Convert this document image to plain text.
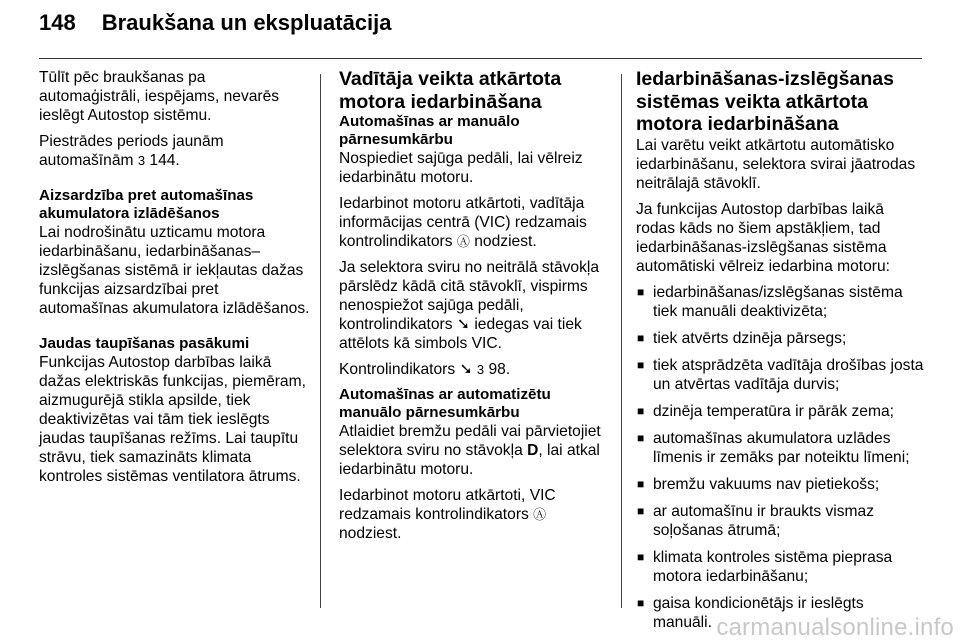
148 Braukšana un ekspluatācija

Tūlīt pēc braukšanas pa automaģistrāli, iespējams, nevarēs ieslēgt Autostop sistēmu.

Piestrādes periods jaunām automašīnām 3 144.

Aizsardzība pret automašīnas akumulatora izlādēšanos

Lai nodrošinātu uzticamu motora iedarbināšanu, iedarbināšanas–izslēgšanas sistēmā ir iekļautas dažas funkcijas aizsardzībai pret automašīnas akumulatora izlādēšanos.

Jaudas taupīšanas pasākumi

Funkcijas Autostop darbības laikā dažas elektriskās funkcijas, piemēram, aizmugurējā stikla apsilde, tiek deaktivizētas vai tām tiek ieslēgts jaudas taupīšanas režīms. Lai taupītu strāvu, tiek samazināts klimata kontroles sistēmas ventilatora ātrums.

Vadītāja veikta atkārtota motora iedarbināšana

Automašīnas ar manuālo pārnesumkārbu

Nospiediet sajūga pedāli, lai vēlreiz iedarbinātu motoru.

Iedarbinot motoru atkārtoti, vadītāja informācijas centrā (VIC) redzamais kontrolindikators Ⓐ nodziest.

Ja selektora sviru no neitrālā stāvokļa pārslēdz kādā citā stāvoklī, vispirms nenospiežot sajūga pedāli, kontrolindikators ➘ iedegas vai tiek attēlots kā simbols VIC.

Kontrolindikators ➘ 3 98.

Automašīnas ar automatizētu manuālo pārnesumkārbu

Atlaidiet bremžu pedāli vai pārvietojiet selektora sviru no stāvokļa D, lai atkal iedarbinātu motoru.

Iedarbinot motoru atkārtoti, VIC redzamais kontrolindikators Ⓐ nodziest.

Iedarbināšanas-izslēgšanas sistēmas veikta atkārtota motora iedarbināšana

Lai varētu veikt atkārtotu automātisko iedarbināšanu, selektora svirai jāatrodas neitrālajā stāvoklī.

Ja funkcijas Autostop darbības laikā rodas kāds no šiem apstākļiem, tad iedarbināšanas-izslēgšanas sistēma automātiski vēlreiz iedarbina motoru:

■ iedarbināšanas/izslēgšanas sistēma tiek manuāli deaktivizēta;
■ tiek atvērts dzinēja pārsegs;
■ tiek atsprādzēta vadītāja drošības josta un atvērtas vadītāja durvis;
■ dzinēja temperatūra ir pārāk zema;
■ automašīnas akumulatora uzlādes līmenis ir zemāks par noteiktu līmeni;
■ bremžu vakuums nav pietiekošs;
■ ar automašīnu ir braukts vismaz soļošanas ātrumā;
■ klimata kontroles sistēma pieprasa motora iedarbināšanu;
■ gaisa kondicionētājs ir ieslēgts manuāli. carmanualsonline.info
